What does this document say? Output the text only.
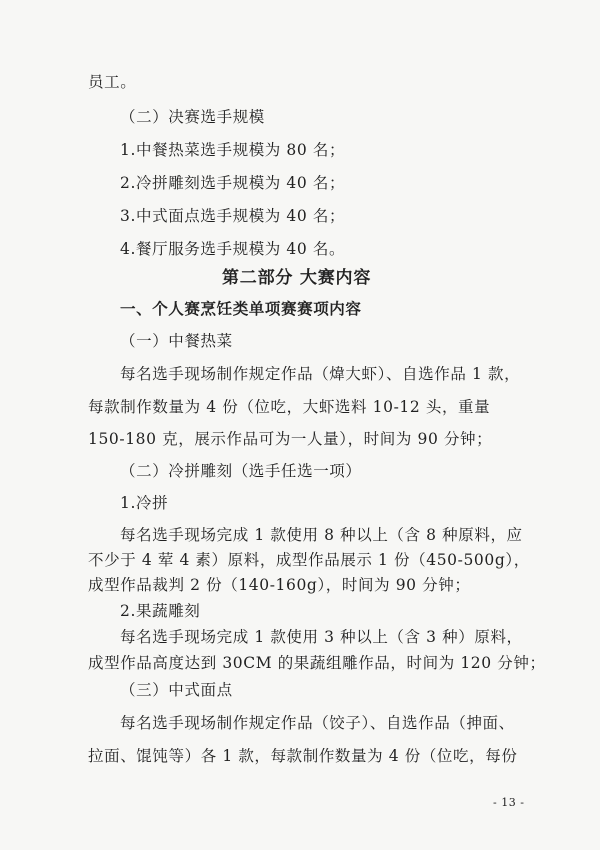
员工。
（二）决赛选手规模
1.中餐热菜选手规模为 80 名；
2.冷拼雕刻选手规模为 40 名；
3.中式面点选手规模为 40 名；
4.餐厅服务选手规模为 40 名。
第二部分 大赛内容
一、个人赛烹饪类单项赛赛项内容
（一）中餐热菜
每名选手现场制作规定作品（煒大虾）、自选作品 1 款，
每款制作数量为 4 份（位吃，大虾选料 10-12 头，重量
150-180 克，展示作品可为一人量），时间为 90 分钟；
（二）冷拼雕刻（选手任选一项）
1.冷拼
每名选手现场完成 1 款使用 8 种以上（含 8 种原料，应
不少于 4 荤 4 素）原料，成型作品展示 1 份（450-500g），
成型作品裁判 2 份（140-160g），时间为 90 分钟；
2.果蔬雕刻
每名选手现场完成 1 款使用 3 种以上（含 3 种）原料，
成型作品高度达到 30CM 的果蔬组雕作品，时间为 120 分钟；
（三）中式面点
每名选手现场制作规定作品（饺子）、自选作品（抻面、
拉面、馄饨等）各 1 款，每款制作数量为 4 份（位吃，每份
- 13 -
